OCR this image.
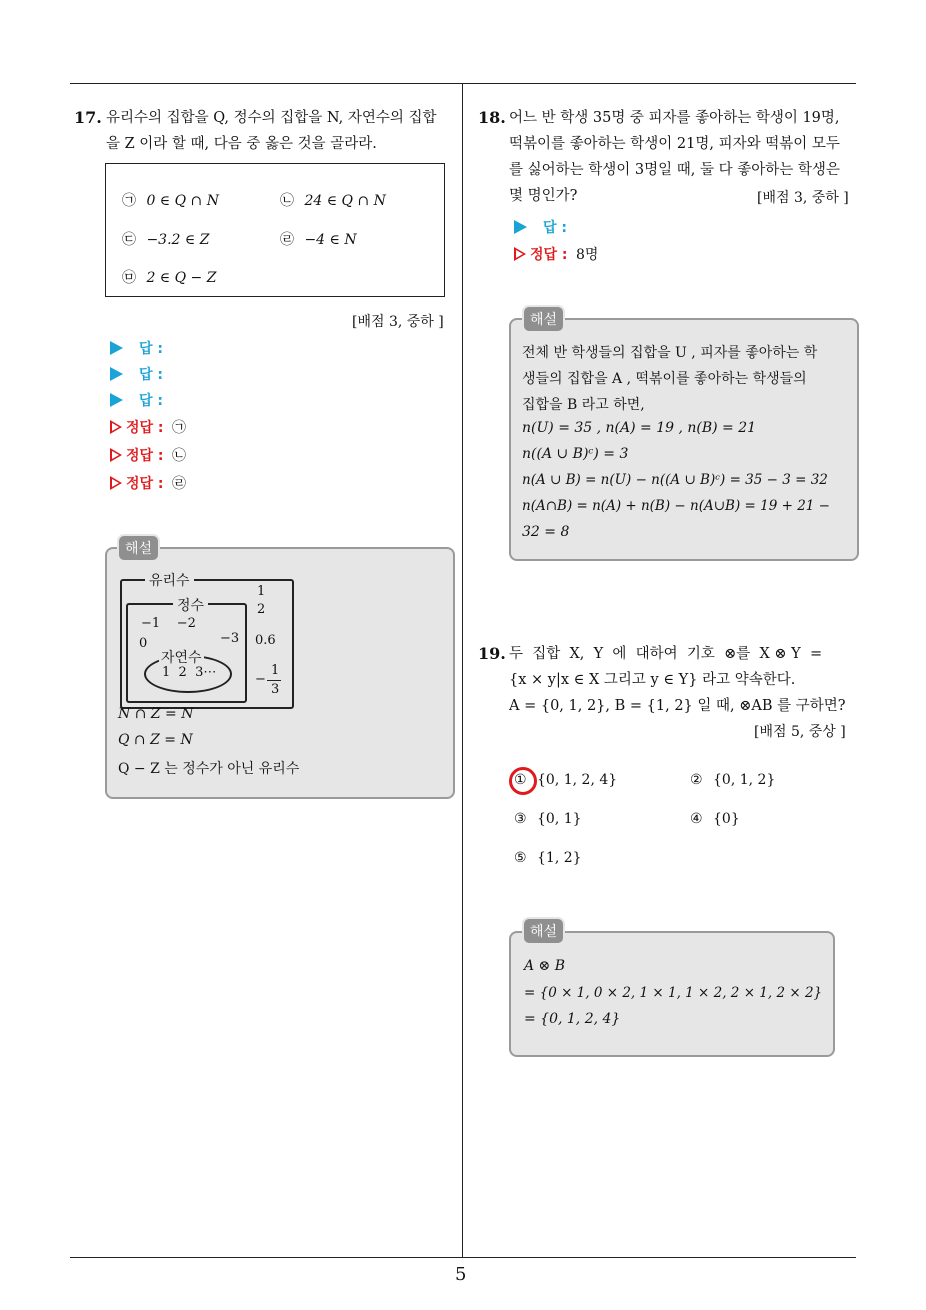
5
17. 유리수의 집합을 Q, 정수의 집합을 N, 자연수의 집합
을 Z 이라 할 때, 다음 중 옳은 것을 골라라.
㉠ 0 ∈ Q ∩ N	㉡ 24 ∈ Q ∩ N
㉢ −3.2 ∈ Z	㉣ −4 ∈ N
㉤ 2 ∈ Q − Z
[배점 3, 중하 ]
답 :
답 :
답 :
정답 : ㉠
정답 : ㉡
정답 : ㉣
유리수
정수
자연수
1  2  3⋯
−1    −2
0	−3
1
2
0.6
−
1
3
N ∩ Z = N
Q ∩ Z = N
Q − Z 는 정수가 아닌 유리수
해설
18. 어느 반 학생 35명 중 피자를 좋아하는 학생이 19명,
떡볶이를 좋아하는 학생이 21명, 피자와 떡볶이 모두
를 싫어하는 학생이 3명일 때, 둘 다 좋아하는 학생은
몇 명인가?	[배점 3, 중하 ]
답 :
정답 : 8명
전체 반 학생들의 집합을 U , 피자를 좋아하는 학
생들의 집합을 A , 떡볶이를 좋아하는 학생들의
집합을 B 라고 하면,
n(U) = 35 , n(A) = 19 , n(B) = 21
n((A ∪ B)ᶜ) = 3
n(A ∪ B) = n(U) − n((A ∪ B)ᶜ) = 35 − 3 = 32
n(A∩B) = n(A) + n(B) − n(A∪B) = 19 + 21 −
32 = 8
해설
19. 두  집합  X,  Y  에  대하여  기호  ⊗를  X ⊗ Y  =
{x × y|x ∈ X 그리고 y ∈ Y} 라고 약속한다.
A = {0, 1, 2}, B = {1, 2} 일 때, ⊗AB 를 구하면?
[배점 5, 중상 ]
① {0, 1, 2, 4}	② {0, 1, 2}
③ {0, 1}	④ {0}
⑤ {1, 2}
A ⊗ B
= {0 × 1, 0 × 2, 1 × 1, 1 × 2, 2 × 1, 2 × 2}
= {0, 1, 2, 4}
해설
